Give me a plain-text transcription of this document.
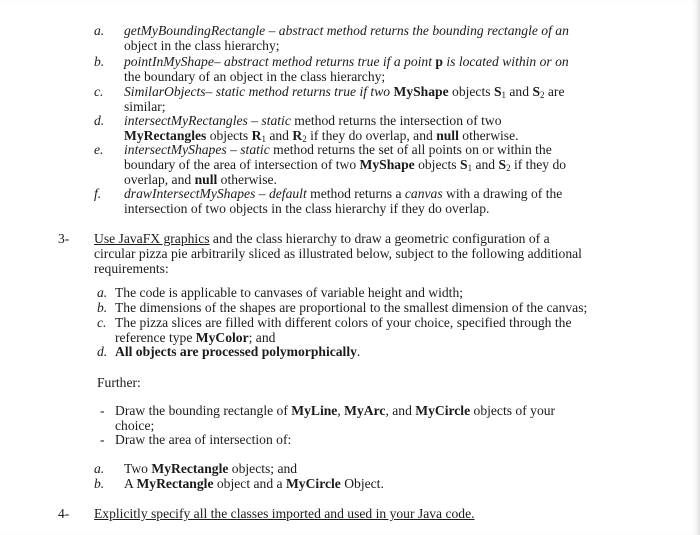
a. getMyBoundingRectangle – abstract method returns the bounding rectangle of an
object in the class hierarchy;
b. pointInMyShape– abstract method returns true if a point p is located within or on
the boundary of an object in the class hierarchy;
c. SimilarObjects– static method returns true if two MyShape objects $S_1$ and $S_2$ are
similar;
d. intersectMyRectangles – static method returns the intersection of two
MyRectangles objects $R_1$ and $R_2$ if they do overlap, and null otherwise.
e. intersectMyShapes – static method returns the set of all points on or within the
boundary of the area of intersection of two MyShape objects $S_1$ and $S_2$ if they do
overlap, and null otherwise.
f. drawIntersectMyShapes – default method returns a canvas with a drawing of the
intersection of two objects in the class hierarchy if they do overlap.
3- Use JavaFX graphics and the class hierarchy to draw a geometric configuration of a
circular pizza pie arbitrarily sliced as illustrated below, subject to the following additional
requirements:
a. The code is applicable to canvases of variable height and width;
b. The dimensions of the shapes are proportional to the smallest dimension of the canvas;
c. The pizza slices are filled with different colors of your choice, specified through the
reference type MyColor; and
d. All objects are processed polymorphically.
Further:
- Draw the bounding rectangle of MyLine, MyArc, and MyCircle objects of your
choice;
- Draw the area of intersection of:
a. Two MyRectangle objects; and
b. A MyRectangle object and a MyCircle Object.
4- Explicitly specify all the classes imported and used in your Java code.
